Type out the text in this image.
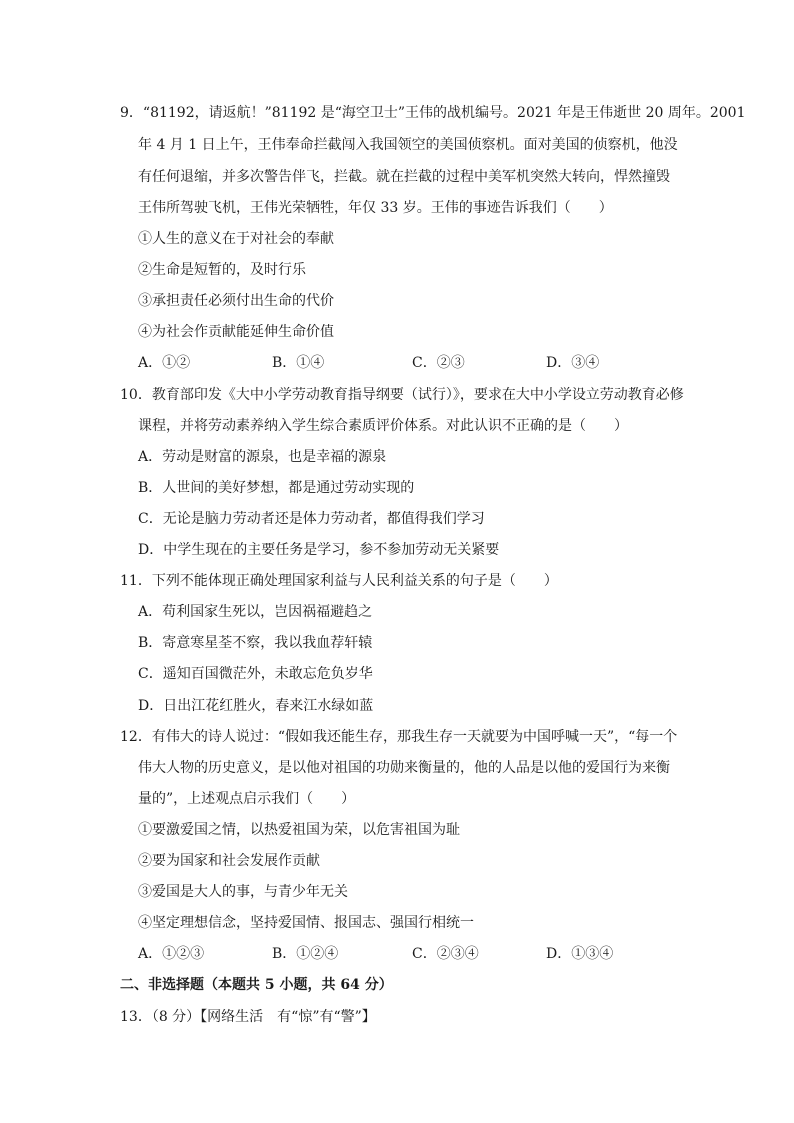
9．“81192，请返航！”81192 是“海空卫士”王伟的战机编号。2021 年是王伟逝世 20 周年。2001
年 4 月 1 日上午，王伟奉命拦截闯入我国领空的美国侦察机。面对美国的侦察机，他没
有任何退缩，并多次警告伴飞，拦截。就在拦截的过程中美军机突然大转向，悍然撞毁
王伟所驾驶飞机，王伟光荣牺牲，年仅 33 岁。王伟的事迹告诉我们（　　）
①人生的意义在于对社会的奉献
②生命是短暂的，及时行乐
③承担责任必须付出生命的代价
④为社会作贡献能延伸生命价值
A．①②	B．①④	C．②③	D．③④
10．教育部印发《大中小学劳动教育指导纲要（试行）》，要求在大中小学设立劳动教育必修
课程，并将劳动素养纳入学生综合素质评价体系。对此认识不正确的是（　　）
A．劳动是财富的源泉，也是幸福的源泉
B．人世间的美好梦想，都是通过劳动实现的
C．无论是脑力劳动者还是体力劳动者，都值得我们学习
D．中学生现在的主要任务是学习，参不参加劳动无关紧要
11．下列不能体现正确处理国家利益与人民利益关系的句子是（　　）
A．苟利国家生死以，岂因祸福避趋之
B．寄意寒星荃不察，我以我血荐轩辕
C．遥知百国微茫外，未敢忘危负岁华
D．日出江花红胜火，春来江水绿如蓝
12．有伟大的诗人说过：“假如我还能生存，那我生存一天就要为中国呼喊一天”，“每一个
伟大人物的历史意义，是以他对祖国的功勋来衡量的，他的人品是以他的爱国行为来衡
量的”，上述观点启示我们（　　）
①要激爱国之情，以热爱祖国为荣，以危害祖国为耻
②要为国家和社会发展作贡献
③爱国是大人的事，与青少年无关
④坚定理想信念，坚持爱国情、报国志、强国行相统一
A．①②③	B．①②④	C．②③④	D．①③④
二、非选择题（本题共 5 小题，共 64 分）
13．（8 分）【网络生活　有“惊”有“警”】
